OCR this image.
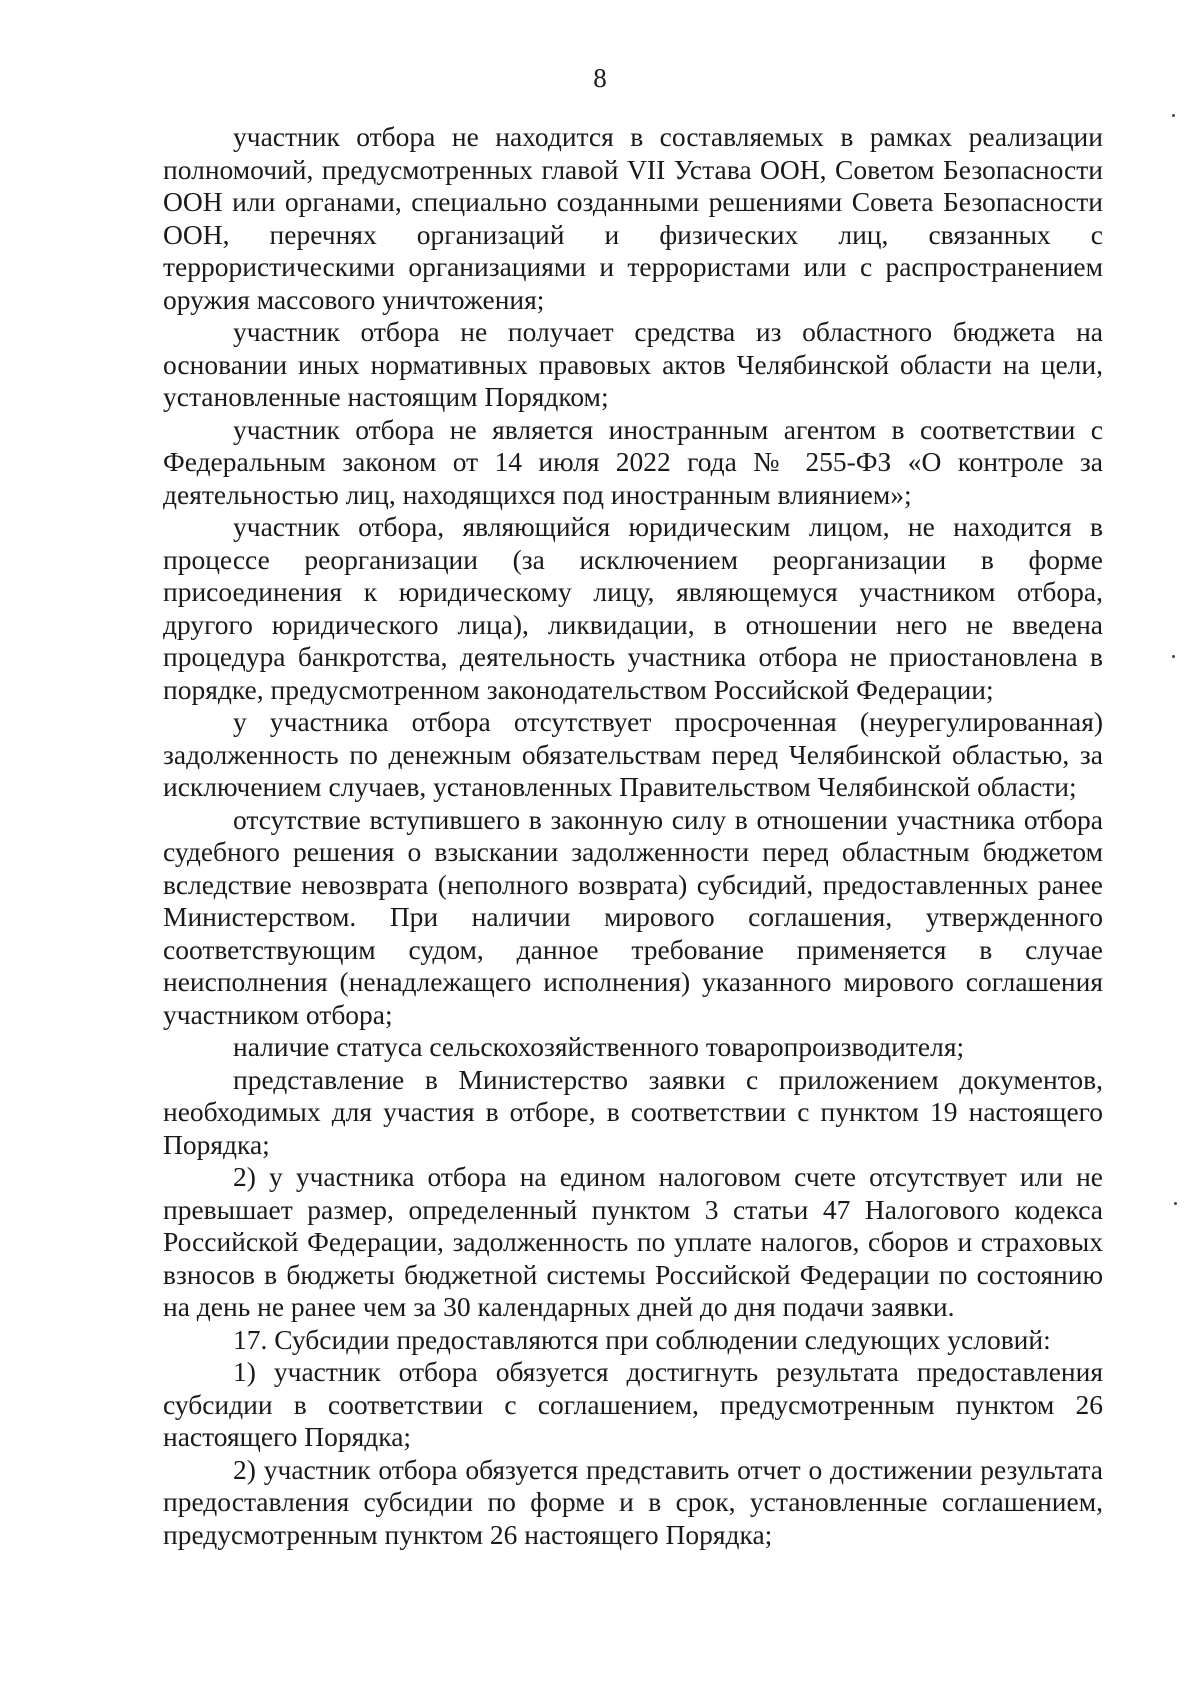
8

участник отбора не находится в составляемых в рамках реализации полномочий, предусмотренных главой VII Устава ООН, Советом Безопасности ООН или органами, специально созданными решениями Совета Безопасности ООН, перечнях организаций и физических лиц, связанных с террористическими организациями и террористами или с распространением оружия массового уничтожения;

участник отбора не получает средства из областного бюджета на основании иных нормативных правовых актов Челябинской области на цели, установленные настоящим Порядком;

участник отбора не является иностранным агентом в соответствии с Федеральным законом от 14 июля 2022 года № 255-ФЗ «О контроле за деятельностью лиц, находящихся под иностранным влиянием»;

участник отбора, являющийся юридическим лицом, не находится в процессе реорганизации (за исключением реорганизации в форме присоединения к юридическому лицу, являющемуся участником отбора, другого юридического лица), ликвидации, в отношении него не введена процедура банкротства, деятельность участника отбора не приостановлена в порядке, предусмотренном законодательством Российской Федерации;

у участника отбора отсутствует просроченная (неурегулированная) задолженность по денежным обязательствам перед Челябинской областью, за исключением случаев, установленных Правительством Челябинской области;

отсутствие вступившего в законную силу в отношении участника отбора судебного решения о взыскании задолженности перед областным бюджетом вследствие невозврата (неполного возврата) субсидий, предоставленных ранее Министерством. При наличии мирового соглашения, утвержденного соответствующим судом, данное требование применяется в случае неисполнения (ненадлежащего исполнения) указанного мирового соглашения участником отбора;

наличие статуса сельскохозяйственного товаропроизводителя;

представление в Министерство заявки с приложением документов, необходимых для участия в отборе, в соответствии с пунктом 19 настоящего Порядка;

2) у участника отбора на едином налоговом счете отсутствует или не превышает размер, определенный пунктом 3 статьи 47 Налогового кодекса Российской Федерации, задолженность по уплате налогов, сборов и страховых взносов в бюджеты бюджетной системы Российской Федерации по состоянию на день не ранее чем за 30 календарных дней до дня подачи заявки.

17. Субсидии предоставляются при соблюдении следующих условий:

1) участник отбора обязуется достигнуть результата предоставления субсидии в соответствии с соглашением, предусмотренным пунктом 26 настоящего Порядка;

2) участник отбора обязуется представить отчет о достижении результата предоставления субсидии по форме и в срок, установленные соглашением, предусмотренным пунктом 26 настоящего Порядка;
